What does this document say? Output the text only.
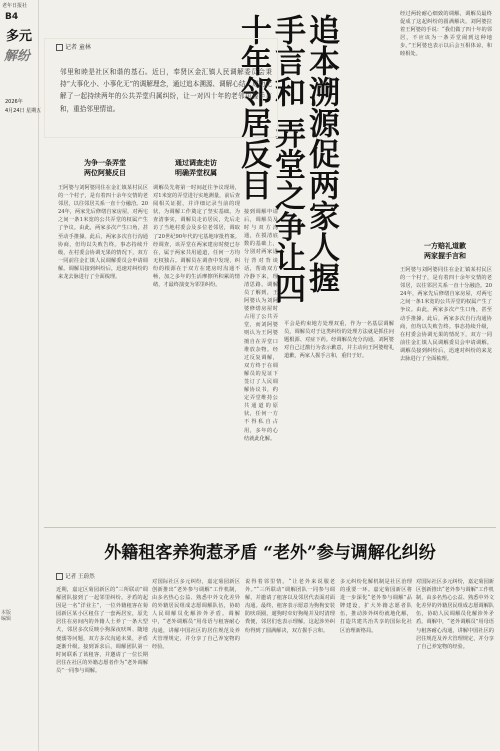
老年日报社
B4
多元
解纷
2026年
4月24日 星期五
本版编辑
追本溯源促两家人握手言和 弄堂之争让四十年邻居反目
记者 童林
邻里和睦是社区和谐的基石。近日，奉贤区金汇镇人民调解委员会秉持“大事化小、小事化无”的调解理念，通过追本溯源、调解心结，成功化解了一起持续两年的公共弄堂归属纠纷，让一对四十年的老邻居握手言和，重拾邻里情谊。
为争一条弄堂
两位阿婆反目
通过调查走访
明确弄堂权属
王阿婆与刘阿婆同住在金汇镇某村民区的一个村子，是有着四十余年交情的老邻居，以往邻居关系一直十分融洽。2024年，两家先后修缮自家房屋，对两宅之间一条1米宽的公共弄堂的权属产生了争议。由此，两家多次产生口角，甚至动手推搡。此后，两家多次自行沟通协商，但均以失败告终。事态持续升级，在村委会协调无果的情况下，双方一同前往金汇镇人民调解委员会申请调解。调解员接到纠纷后，迅速对纠纷的来龙去脉进行了全面梳理。
调解员先将第一时间赶往争议现场，对1米宽的弄堂进行实地测量，前后查阅相关证据，并详细记录当前的现状，为调解工作奠定了坚实基础。为查清事实，调解员走访居民，先后走访了当地村委会及多位老邻居，调取了20世纪90年代的宅基地审批档案。经调查，该弄堂在两家建房时便已存在，属于两家共用通道，任何一方均无权独占。调解员在调查中发现，纠纷的根源在于双方在建房时沟通不畅，加之多年的生活摩擦所积累的情绪，才最终演变为邻里纠纷。
接到调解申请后，调解员及时与双方沟通，在摸清底数的基础上，分别对两家进行背对背谈话，帮助双方冷静下来，理清思路。调解员了解到，王阿婆认为刘阿婆修缮房屋时占用了公共弄堂，而刘阿婆则认为王阿婆擅自在弄堂口堆放杂物。经过反复调解，双方终于在调解员的见证下签订了人民调解协议书，约定弄堂维持公共通道的原状，任何一方不得私自占用，多年的心结就此化解。
平会是约束地方处理双重，作为一名基层调解员，调解员对于这类纠纷的处理方法就是抓住问题根源、对症下药。经调解员充分沟通，刘阿婆对自己过激行为表示歉意，并主动向王阿婆赔礼道歉，两家人握手言和，重归于好。
经过两轮耐心细致的调解，调解员最终促成了这起纠纷的圆满解决。刘阿婆拉着王阿婆的手说：“我们做了四十年的邻居，不应该为一条弄堂闹到这种地步。”王阿婆也表示以后会互相体谅，和睦相处。
一方赔礼道歉
两家握手言和
王阿婆与刘阿婆同住在金汇镇某村民区的一个村子，是有着四十余年交情的老邻居，以往邻居关系一直十分融洽。2024年，两家先后修缮自家房屋，对两宅之间一条1米宽的公共弄堂的权属产生了争议。由此，两家多次产生口角，甚至动手推搡。此后，两家多次自行沟通协商，但均以失败告终。事态持续升级，在村委会协调无果的情况下，双方一同前往金汇镇人民调解委员会申请调解。调解员接到纠纷后，迅速对纠纷的来龙去脉进行了全面梳理。
外籍租客养狗惹矛盾 “老外”参与调解化纠纷
记者 王蔚然
近期，嘉定区菊园新区的“三所联动”调解团队接到了一起邻里纠纷。矛盾的起因是一名“洋业主”，一位外籍租客在菊园新区某小区租住了一套两居室，原先居住在房间内的外籍人士养了一条大型犬，邻居多次反映小狗深夜吠叫、随地便溺等问题，双方多次沟通未果，矛盾逐渐升级。接到诉求后，调解团队第一时间联系了该租客，并邀请了一位长期居住在社区的外籍志愿者作为“老外调解员”一同参与调解。
对国际社区多元纠纷，嘉定菊园新区创新推出“老外参与调解”工作机制，由多名热心公益、熟悉中外文化差异的外籍居民组成志愿调解队伍，协助人民调解员化解涉外矛盾。调解中，“老外调解员”用母语与租客耐心沟通，讲解中国社区的居住规范及养犬管理规定，并分享了自己养宠物的经验。
说得着邻里情。“让老外来说服老外。”“三所联动”调解团队一同参与调解，并邀请了租客以及邻居代表面对面沟通。最终，租客表示愿意为狗狗安装防吠项圈，遛狗时牵好狗绳并及时清理粪便，邻居们也表示理解。这起涉外纠纷得到了圆满解决，双方握手言和。
多元纠纷化解机制是社区治理的重要一环。嘉定菊园新区将进一步深化“老外参与调解”品牌建设，扩大外籍志愿者队伍，推动涉外纠纷就地化解，打造共建共治共享的国际化社区治理新格局。
对国际社区多元纠纷，嘉定菊园新区创新推出“老外参与调解”工作机制，由多名热心公益、熟悉中外文化差异的外籍居民组成志愿调解队伍，协助人民调解员化解涉外矛盾。调解中，“老外调解员”用母语与租客耐心沟通，讲解中国社区的居住规范及养犬管理规定，并分享了自己养宠物的经验。
